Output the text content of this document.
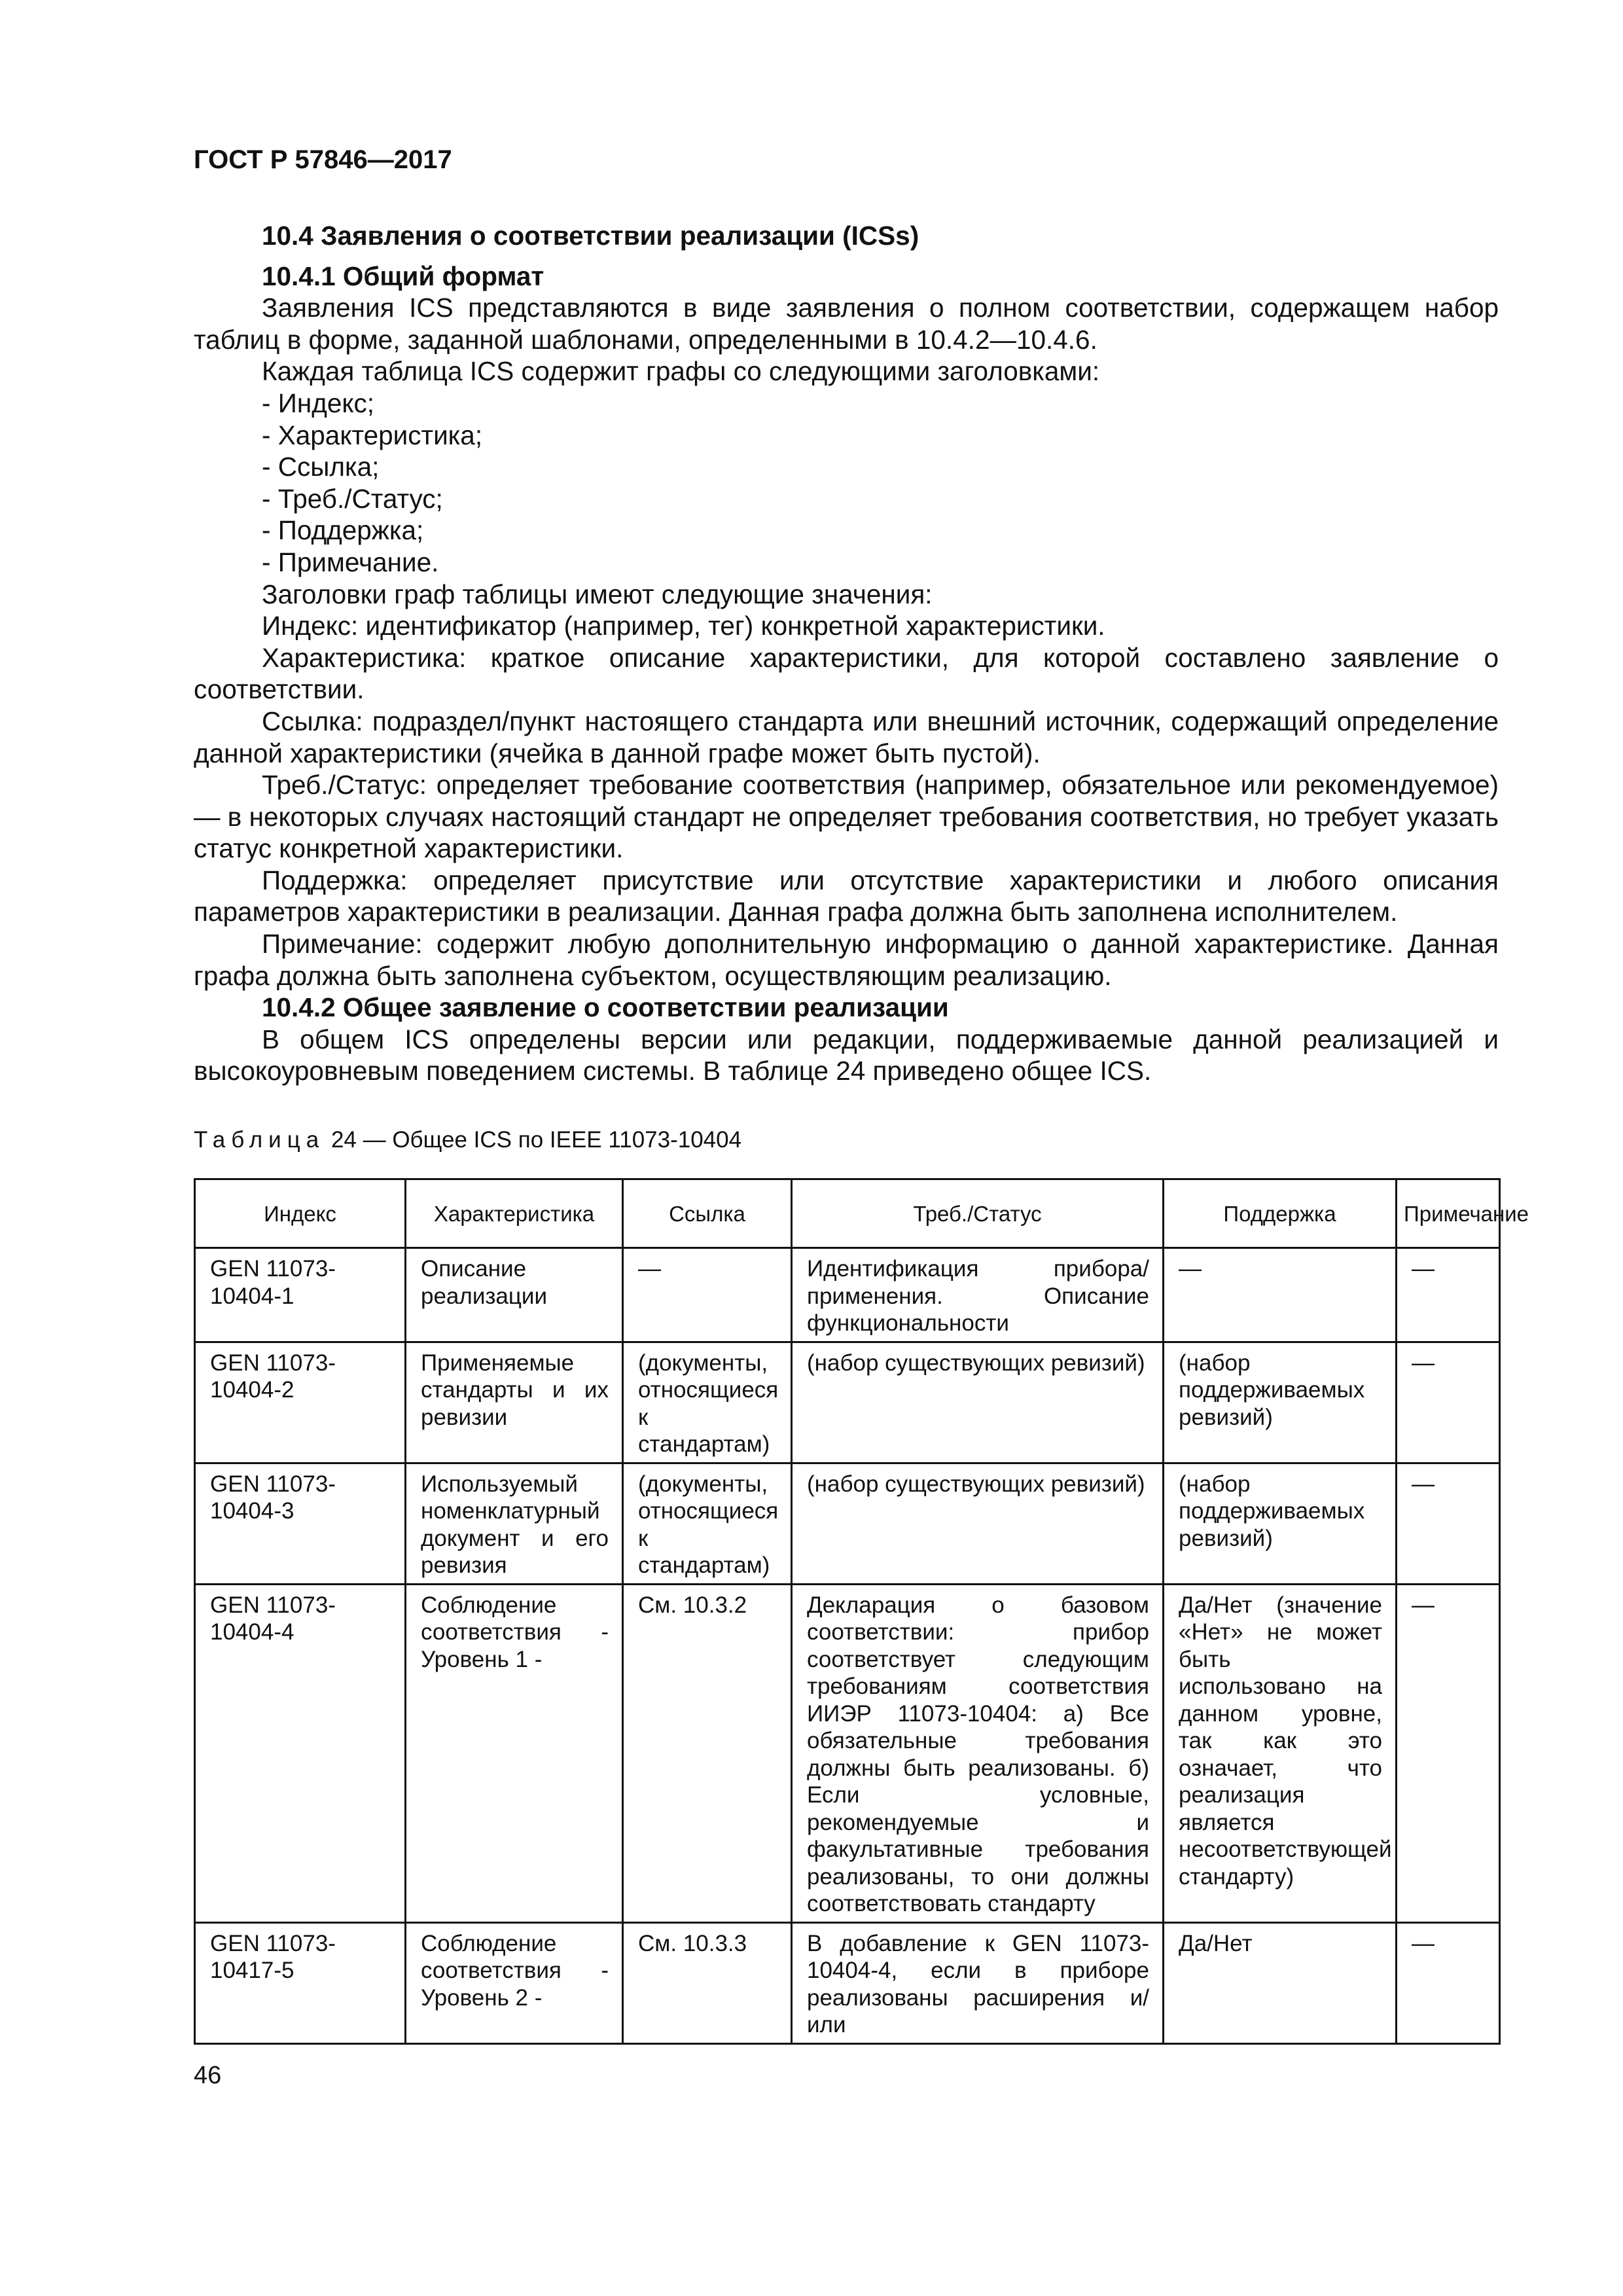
ГОСТ Р 57846—2017

10.4 Заявления о соответствии реализации (ICSs)

10.4.1 Общий формат

Заявления ICS представляются в виде заявления о полном соответствии, содержащем набор таблиц в форме, заданной шаблонами, определенными в 10.4.2—10.4.6.

Каждая таблица ICS содержит графы со следующими заголовками:

- Индекс;

- Характеристика;

- Ссылка;

- Треб./Статус;

- Поддержка;

- Примечание.

Заголовки граф таблицы имеют следующие значения:

Индекс: идентификатор (например, тег) конкретной характеристики.

Характеристика: краткое описание характеристики, для которой составлено заявление о соответствии.

Ссылка: подраздел/пункт настоящего стандарта или внешний источник, содержащий определение данной характеристики (ячейка в данной графе может быть пустой).

Треб./Статус: определяет требование соответствия (например, обязательное или рекомендуемое) — в некоторых случаях настоящий стандарт не определяет требования соответствия, но требует указать статус конкретной характеристики.

Поддержка: определяет присутствие или отсутствие характеристики и любого описания параметров характеристики в реализации. Данная графа должна быть заполнена исполнителем.

Примечание: содержит любую дополнительную информацию о данной характеристике. Данная графа должна быть заполнена субъектом, осуществляющим реализацию.

10.4.2 Общее заявление о соответствии реализации

В общем ICS определены версии или редакции, поддерживаемые данной реализацией и высокоуровневым поведением системы. В таблице 24 приведено общее ICS.

Таблица 24 — Общее ICS по IEEE 11073-10404
Индекс	Характеристика	Ссылка	Треб./Статус	Поддержка	Примечание
GEN 11073-10404-1	Описание реализации	—	Идентификация прибора/применения. Описание функциональности	—	—
GEN 11073-10404-2	Применяемые стандарты и их ревизии	(документы, относящиеся к стандартам)	(набор существующих ревизий)	(набор поддерживаемых ревизий)	—
GEN 11073-10404-3	Используемый номенклатурный документ и его ревизия	(документы, относящиеся к стандартам)	(набор существующих ревизий)	(набор поддерживаемых ревизий)	—
GEN 11073-10404-4	Соблюдение соответствия - Уровень 1 -	См. 10.3.2	Декларация о базовом соответствии: прибор соответствует следующим требованиям соответствия ИИЭР 11073-10404: а) Все обязательные требования должны быть реализованы. б) Если условные, рекомендуемые и факультативные требования реализованы, то они должны соответствовать стандарту	Да/Нет (значение «Нет» не может быть использовано на данном уровне, так как это означает, что реализация является несоответствующей стандарту)	—
GEN 11073-10417-5	Соблюдение соответствия - Уровень 2 -	См. 10.3.3	В добавление к GEN 11073-10404-4, если в приборе реализованы расширения и/или	Да/Нет	—
46
